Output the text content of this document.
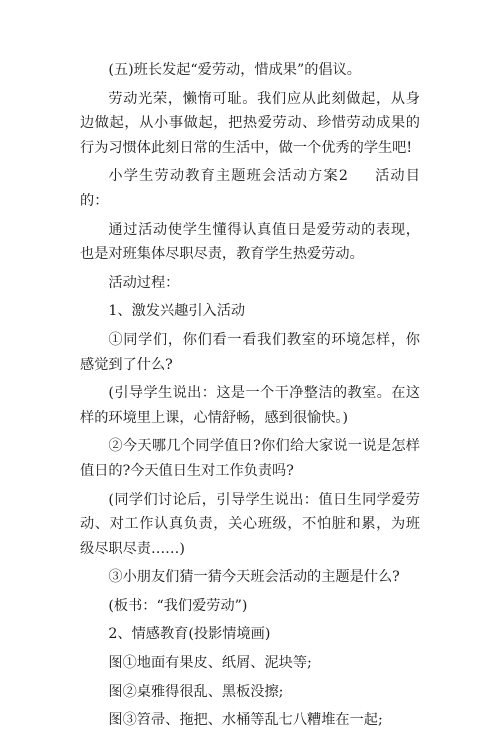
(五)班长发起“爱劳动，惜成果”的倡议。

劳动光荣，懒惰可耻。我们应从此刻做起，从身边做起，从小事做起，把热爱劳动、珍惜劳动成果的行为习惯体此刻日常的生活中，做一个优秀的学生吧!

小学生劳动教育主题班会活动方案2 活动目的：

通过活动使学生懂得认真值日是爱劳动的表现，也是对班集体尽职尽责，教育学生热爱劳动。

活动过程：

1、激发兴趣引入活动

①同学们，你们看一看我们教室的环境怎样，你感觉到了什么?

(引导学生说出：这是一个干净整洁的教室。在这样的环境里上课，心情舒畅，感到很愉快。)

②今天哪几个同学值日?你们给大家说一说是怎样值日的?今天值日生对工作负责吗?

(同学们讨论后，引导学生说出：值日生同学爱劳动、对工作认真负责，关心班级，不怕脏和累，为班级尽职尽责……)

③小朋友们猜一猜今天班会活动的主题是什么?

(板书：“我们爱劳动”)

2、情感教育(投影情境画)

图①地面有果皮、纸屑、泥块等;

图②桌雅得很乱、黑板没擦;

图③笤帚、拖把、水桶等乱七八糟堆在一起;
